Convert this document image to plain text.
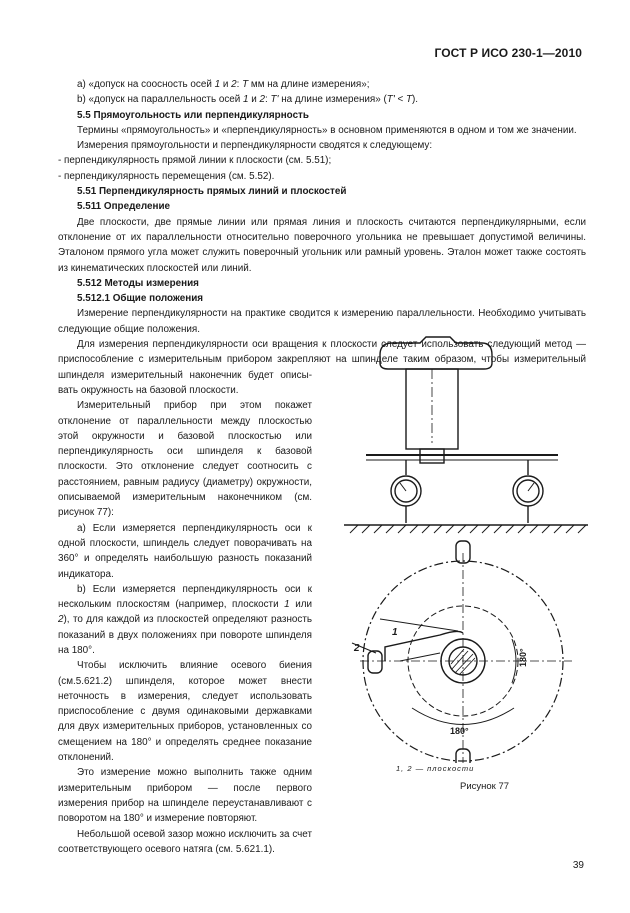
ГОСТ Р ИСО 230-1—2010

а) «допуск на соосность осей 1 и 2: T мм на длине измерения»;

b) «допуск на параллельность осей 1 и 2: T' на длине измерения» (T' < T).

5.5 Прямоугольность или перпендикулярность

Термины «прямоугольность» и «перпендикулярность» в основном применяются в одном и том же значении.

Измерения прямоугольности и перпендикулярности сводятся к следующему:

- перпендикулярность прямой линии к плоскости (см. 5.51);

- перпендикулярность перемещения (см. 5.52).

5.51 Перпендикулярность прямых линий и плоскостей

5.511 Определение

Две плоскости, две прямые линии или прямая линия и плоскость считаются перпендикулярными, если отклонение от их параллельности относительно поверочного угольника не превышает допустимой величины. Эталоном прямого угла может служить поверочный угольник или рамный уровень. Эталон может также состоять из кинематических плоскостей или линий.

5.512 Методы измерения

5.512.1 Общие положения

Измерение перпендикулярности на практике сводится к измерению параллельности. Необходимо учитывать следующие общие положения.

Для измерения перпендикулярности оси вращения к плоскости следует использовать следующий метод — приспособление с измерительным прибором закрепляют на шпинделе таким образом, чтобы измерительный

шпинделя измерительный наконечник будет описы-вать окружность на базовой плоскости.

Измерительный прибор при этом покажет отклонение от параллельности между плоскостью этой окружности и базовой плоскостью или перпендикулярность оси шпинделя к базовой плоскости. Это отклонение следует соотносить с расстоянием, равным радиусу (диаметру) окружности, описываемой измерительным наконечником (см. рисунок 77):

а) Если измеряется перпендикулярность оси к одной плоскости, шпиндель следует поворачивать на 360° и определять наибольшую разность показаний индикатора.

b) Если измеряется перпендикулярность оси к нескольким плоскостям (например, плоскости 1 или 2), то для каждой из плоскостей определяют разность показаний в двух положениях при повороте шпинделя на 180°.

Чтобы исключить влияние осевого биения (см.5.621.2) шпинделя, которое может внести неточность в измерения, следует использовать приспособление с двумя одинаковыми державками для двух измерительных приборов, установленных со смещением на 180° и определять среднее показание отклонений.

Это измерение можно выполнить также одним измерительным прибором — после первого измерения прибор на шпинделе переустанавливают с поворотом на 180° и измерение повторяют.

Небольшой осевой зазор можно исключить за счет соответствующего осевого натяга (см. 5.621.1).

1
2
180°
180°
1, 2 — плоскости
Рисунок 77
39
